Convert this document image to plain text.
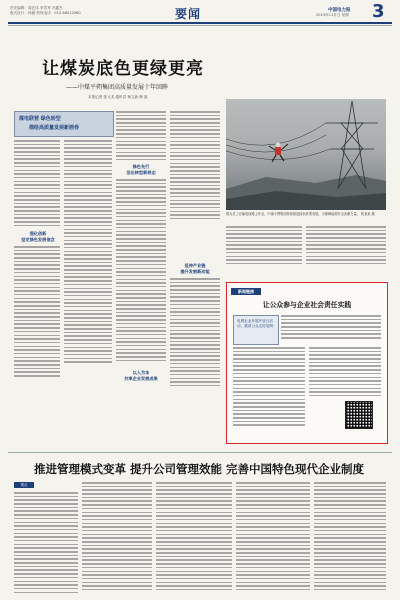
责任编辑：周艺伟 李雪秀 冯鑫杰
版式设计：杨薇 热线电话：010-66012580	要闻	中国电力报
2023年11月日 星期 3
让煤炭底色更绿更亮
——中煤平朔集团高质量发展十年回眸
本报记者 张元龙 通讯员 杨立新 韩 凯
煤电联营 绿色转型
描绘高质量发展新画卷
强化创新
坚定绿色发展信念
绿色先行
活出转型新样态
延伸产业链
提升发展新动能
以人为本
共享企业发展成果
图为员工在输电线路上作业，中煤平朔集团持续推进绿色转型发展，为保障能源安全贡献力量。 张某某 摄
新闻链接
让公众参与企业社会责任实践
电网企业开展开放日活动，邀请公众走进电网
推进管理模式变革 提升公司管理效能 完善中国特色现代企业制度
观点
